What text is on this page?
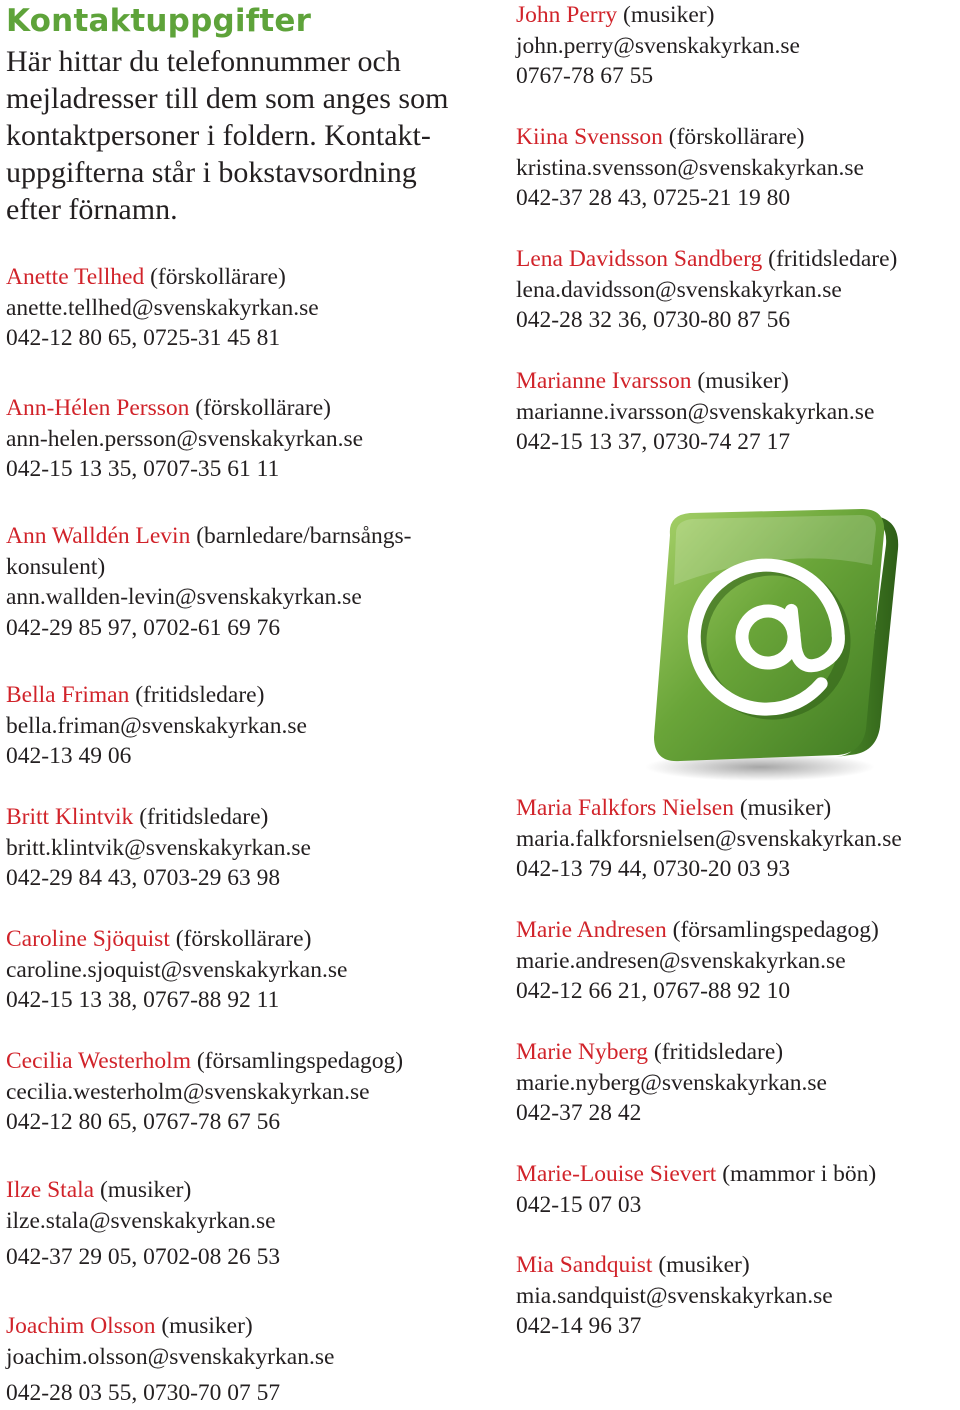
Kontaktuppgifter
Här hittar du telefonnummer och
mejladresser till dem som anges som
kontaktpersoner i foldern. Kontakt-
uppgifterna står i bokstavsordning
efter förnamn.
Anette Tellhed (förskollärare)
anette.tellhed@svenskakyrkan.se
042-12 80 65, 0725-31 45 81
Ann-Hélen Persson (förskollärare)
ann-helen.persson@svenskakyrkan.se
042-15 13 35, 0707-35 61 11
Ann Walldén Levin (barnledare/barnsångs-
konsulent)
ann.wallden-levin@svenskakyrkan.se
042-29 85 97, 0702-61 69 76
Bella Friman (fritidsledare)
bella.friman@svenskakyrkan.se
042-13 49 06
Britt Klintvik (fritidsledare)
britt.klintvik@svenskakyrkan.se
042-29 84 43, 0703-29 63 98
Caroline Sjöquist (förskollärare)
caroline.sjoquist@svenskakyrkan.se
042-15 13 38, 0767-88 92 11
Cecilia Westerholm (församlingspedagog)
cecilia.westerholm@svenskakyrkan.se
042-12 80 65, 0767-78 67 56
Ilze Stala (musiker)
ilze.stala@svenskakyrkan.se
042-37 29 05, 0702-08 26 53
Joachim Olsson (musiker)
joachim.olsson@svenskakyrkan.se
042-28 03 55, 0730-70 07 57
John Perry (musiker)
john.perry@svenskakyrkan.se
0767-78 67 55
Kiina Svensson (förskollärare)
kristina.svensson@svenskakyrkan.se
042-37 28 43, 0725-21 19 80
Lena Davidsson Sandberg (fritidsledare)
lena.davidsson@svenskakyrkan.se
042-28 32 36, 0730-80 87 56
Marianne Ivarsson (musiker)
marianne.ivarsson@svenskakyrkan.se
042-15 13 37, 0730-74 27 17
Maria Falkfors Nielsen (musiker)
maria.falkforsnielsen@svenskakyrkan.se
042-13 79 44, 0730-20 03 93
Marie Andresen (församlingspedagog)
marie.andresen@svenskakyrkan.se
042-12 66 21, 0767-88 92 10
Marie Nyberg (fritidsledare)
marie.nyberg@svenskakyrkan.se
042-37 28 42
Marie-Louise Sievert (mammor i bön)
042-15 07 03
Mia Sandquist (musiker)
mia.sandquist@svenskakyrkan.se
042-14 96 37
